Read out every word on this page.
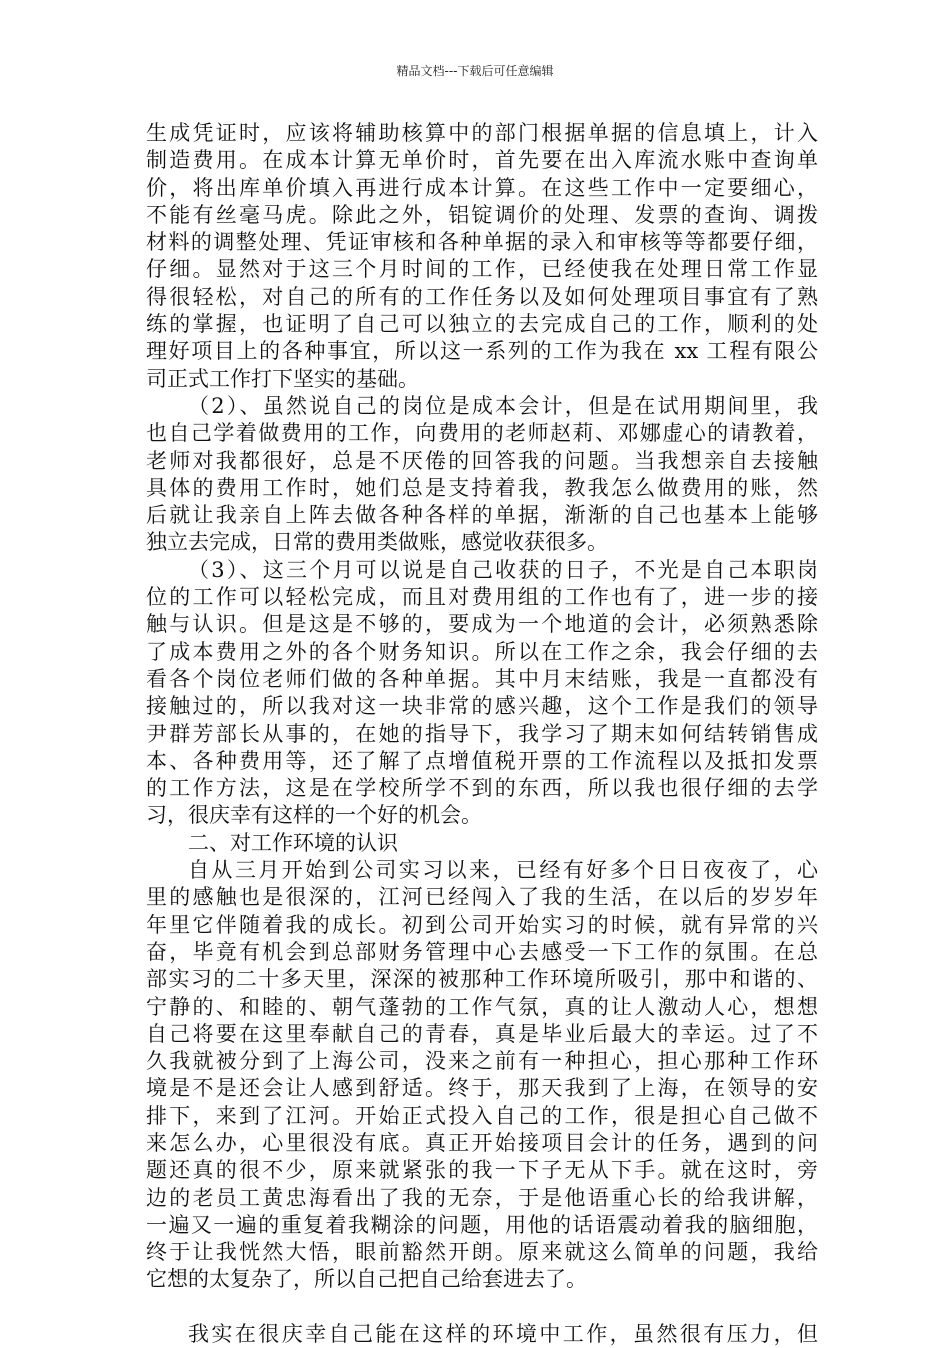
精品文档---下载后可任意编辑
生成凭证时，应该将辅助核算中的部门根据单据的信息填上，计入
制造费用。在成本计算无单价时，首先要在出入库流水账中查询单
价，将出库单价填入再进行成本计算。在这些工作中一定要细心，
不能有丝毫马虎。除此之外，铝锭调价的处理、发票的查询、调拨
材料的调整处理、凭证审核和各种单据的录入和审核等等都要仔细，
仔细。显然对于这三个月时间的工作，已经使我在处理日常工作显
得很轻松，对自己的所有的工作任务以及如何处理项目事宜有了熟
练的掌握，也证明了自己可以独立的去完成自己的工作，顺利的处
理好项目上的各种事宜，所以这一系列的工作为我在 xx 工程有限公
司正式工作打下坚实的基础。
（2）、虽然说自己的岗位是成本会计，但是在试用期间里，我
也自己学着做费用的工作，向费用的老师赵莉、邓娜虚心的请教着，
老师对我都很好，总是不厌倦的回答我的问题。当我想亲自去接触
具体的费用工作时，她们总是支持着我，教我怎么做费用的账，然
后就让我亲自上阵去做各种各样的单据，渐渐的自己也基本上能够
独立去完成，日常的费用类做账，感觉收获很多。
（3）、这三个月可以说是自己收获的日子，不光是自己本职岗
位的工作可以轻松完成，而且对费用组的工作也有了，进一步的接
触与认识。但是这是不够的，要成为一个地道的会计，必须熟悉除
了成本费用之外的各个财务知识。所以在工作之余，我会仔细的去
看各个岗位老师们做的各种单据。其中月末结账，我是一直都没有
接触过的，所以我对这一块非常的感兴趣，这个工作是我们的领导
尹群芳部长从事的，在她的指导下，我学习了期末如何结转销售成
本、各种费用等，还了解了点增值税开票的工作流程以及抵扣发票
的工作方法，这是在学校所学不到的东西，所以我也很仔细的去学
习，很庆幸有这样的一个好的机会。
二、对工作环境的认识
自从三月开始到公司实习以来，已经有好多个日日夜夜了，心
里的感触也是很深的，江河已经闯入了我的生活，在以后的岁岁年
年里它伴随着我的成长。初到公司开始实习的时候，就有异常的兴
奋，毕竟有机会到总部财务管理中心去感受一下工作的氛围。在总
部实习的二十多天里，深深的被那种工作环境所吸引，那中和谐的、
宁静的、和睦的、朝气蓬勃的工作气氛，真的让人激动人心，想想
自己将要在这里奉献自己的青春，真是毕业后最大的幸运。过了不
久我就被分到了上海公司，没来之前有一种担心，担心那种工作环
境是不是还会让人感到舒适。终于，那天我到了上海，在领导的安
排下，来到了江河。开始正式投入自己的工作，很是担心自己做不
来怎么办，心里很没有底。真正开始接项目会计的任务，遇到的问
题还真的很不少，原来就紧张的我一下子无从下手。就在这时，旁
边的老员工黄忠海看出了我的无奈，于是他语重心长的给我讲解，
一遍又一遍的重复着我糊涂的问题，用他的话语震动着我的脑细胞，
终于让我恍然大悟，眼前豁然开朗。原来就这么简单的问题，我给
它想的太复杂了，所以自己把自己给套进去了。
我实在很庆幸自己能在这样的环境中工作，虽然很有压力，但
